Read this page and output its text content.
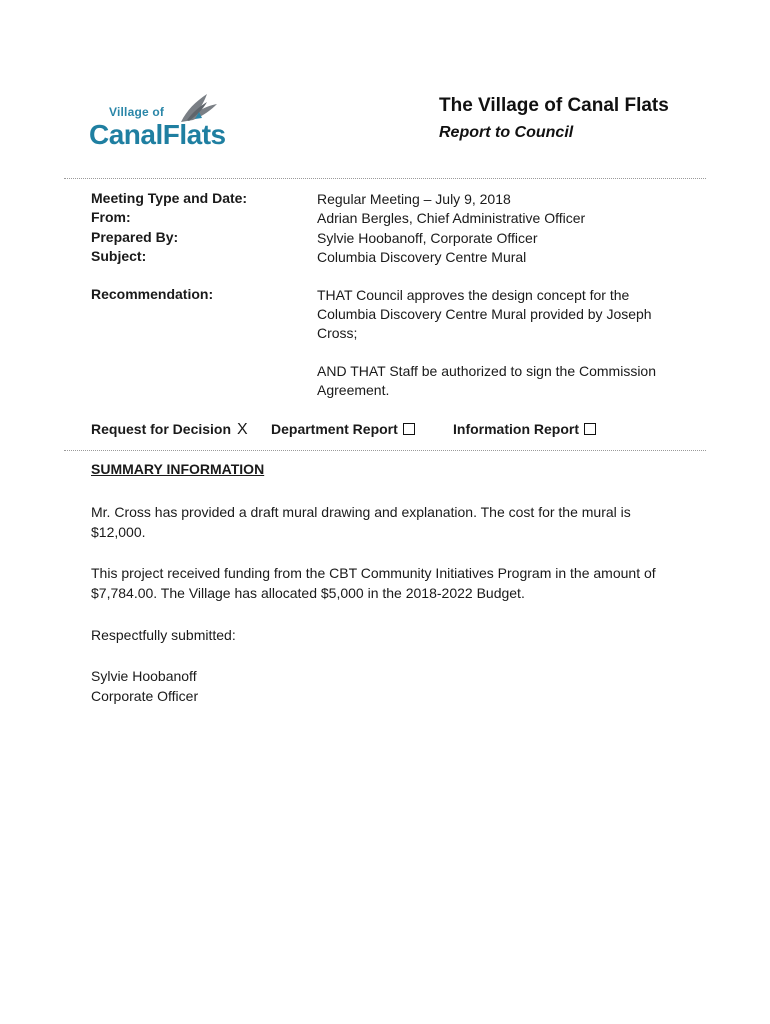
Village of
CanalFlats
The Village of Canal Flats
Report to Council
Meeting Type and Date:	Regular Meeting – July 9, 2018
From:	Adrian Bergles, Chief Administrative Officer
Prepared By:	Sylvie Hoobanoff, Corporate Officer
Subject:	Columbia Discovery Centre Mural
Recommendation:	THAT Council approves the design concept for the Columbia Discovery Centre Mural provided by Joseph Cross;
AND THAT Staff be authorized to sign the Commission Agreement.
Request for Decision X Department Report	Information Report
SUMMARY INFORMATION
Mr. Cross has provided a draft mural drawing and explanation. The cost for the mural is $12,000.
This project received funding from the CBT Community Initiatives Program in the amount of $7,784.00. The Village has allocated $5,000 in the 2018-2022 Budget.
Respectfully submitted:
Sylvie Hoobanoff
Corporate Officer
